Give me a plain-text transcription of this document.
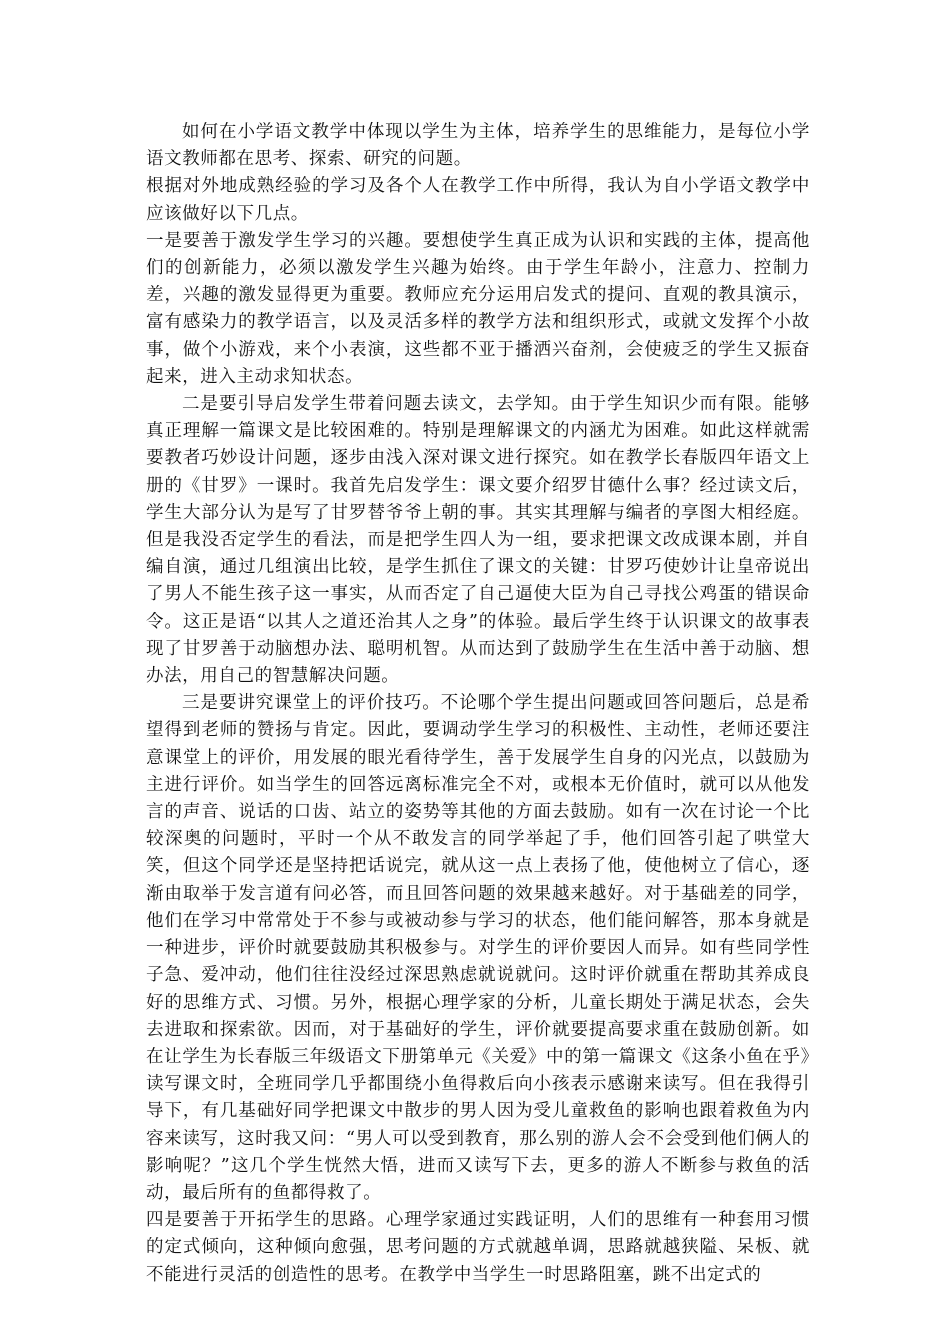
如何在小学语文教学中体现以学生为主体，培养学生的思维能力，是每位小学语文教师都在思考、探索、研究的问题。

根据对外地成熟经验的学习及各个人在教学工作中所得，我认为自小学语文教学中应该做好以下几点。

一是要善于激发学生学习的兴趣。要想使学生真正成为认识和实践的主体，提高他们的创新能力，必须以激发学生兴趣为始终。由于学生年龄小，注意力、控制力差，兴趣的激发显得更为重要。教师应充分运用启发式的提问、直观的教具演示，富有感染力的教学语言，以及灵活多样的教学方法和组织形式，或就文发挥个小故事，做个小游戏，来个小表演，这些都不亚于播洒兴奋剂，会使疲乏的学生又振奋起来，进入主动求知状态。

二是要引导启发学生带着问题去读文，去学知。由于学生知识少而有限。能够真正理解一篇课文是比较困难的。特别是理解课文的内涵尤为困难。如此这样就需要教者巧妙设计问题，逐步由浅入深对课文进行探究。如在教学长春版四年语文上册的《甘罗》一课时。我首先启发学生：课文要介绍罗甘德什么事？经过读文后，学生大部分认为是写了甘罗替爷爷上朝的事。其实其理解与编者的享图大相经庭。但是我没否定学生的看法，而是把学生四人为一组，要求把课文改成课本剧，并自编自演，通过几组演出比较，是学生抓住了课文的关键：甘罗巧使妙计让皇帝说出了男人不能生孩子这一事实，从而否定了自己逼使大臣为自己寻找公鸡蛋的错误命令。这正是语“以其人之道还治其人之身”的体验。最后学生终于认识课文的故事表现了甘罗善于动脑想办法、聪明机智。从而达到了鼓励学生在生活中善于动脑、想办法，用自己的智慧解决问题。

三是要讲究课堂上的评价技巧。不论哪个学生提出问题或回答问题后，总是希望得到老师的赞扬与肯定。因此，要调动学生学习的积极性、主动性，老师还要注意课堂上的评价，用发展的眼光看待学生，善于发展学生自身的闪光点，以鼓励为主进行评价。如当学生的回答远离标准完全不对，或根本无价值时，就可以从他发言的声音、说话的口齿、站立的姿势等其他的方面去鼓励。如有一次在讨论一个比较深奥的问题时，平时一个从不敢发言的同学举起了手，他们回答引起了哄堂大笑，但这个同学还是坚持把话说完，就从这一点上表扬了他，使他树立了信心，逐渐由取举于发言道有问必答，而且回答问题的效果越来越好。对于基础差的同学，他们在学习中常常处于不参与或被动参与学习的状态，他们能问解答，那本身就是一种进步，评价时就要鼓励其积极参与。对学生的评价要因人而异。如有些同学性子急、爱冲动，他们往往没经过深思熟虑就说就问。这时评价就重在帮助其养成良好的思维方式、习惯。另外，根据心理学家的分析，儿童长期处于满足状态，会失去进取和探索欲。因而，对于基础好的学生，评价就要提高要求重在鼓励创新。如在让学生为长春版三年级语文下册第单元《关爱》中的第一篇课文《这条小鱼在乎》读写课文时，全班同学几乎都围绕小鱼得救后向小孩表示感谢来读写。但在我得引导下，有几基础好同学把课文中散步的男人因为受儿童救鱼的影响也跟着救鱼为内容来读写，这时我又问：“男人可以受到教育，那么别的游人会不会受到他们俩人的影响呢？”这几个学生恍然大悟，进而又读写下去，更多的游人不断参与救鱼的活动，最后所有的鱼都得救了。

四是要善于开拓学生的思路。心理学家通过实践证明，人们的思维有一种套用习惯的定式倾向，这种倾向愈强，思考问题的方式就越单调，思路就越狭隘、呆板、就不能进行灵活的创造性的思考。在教学中当学生一时思路阻塞，跳不出定式的
